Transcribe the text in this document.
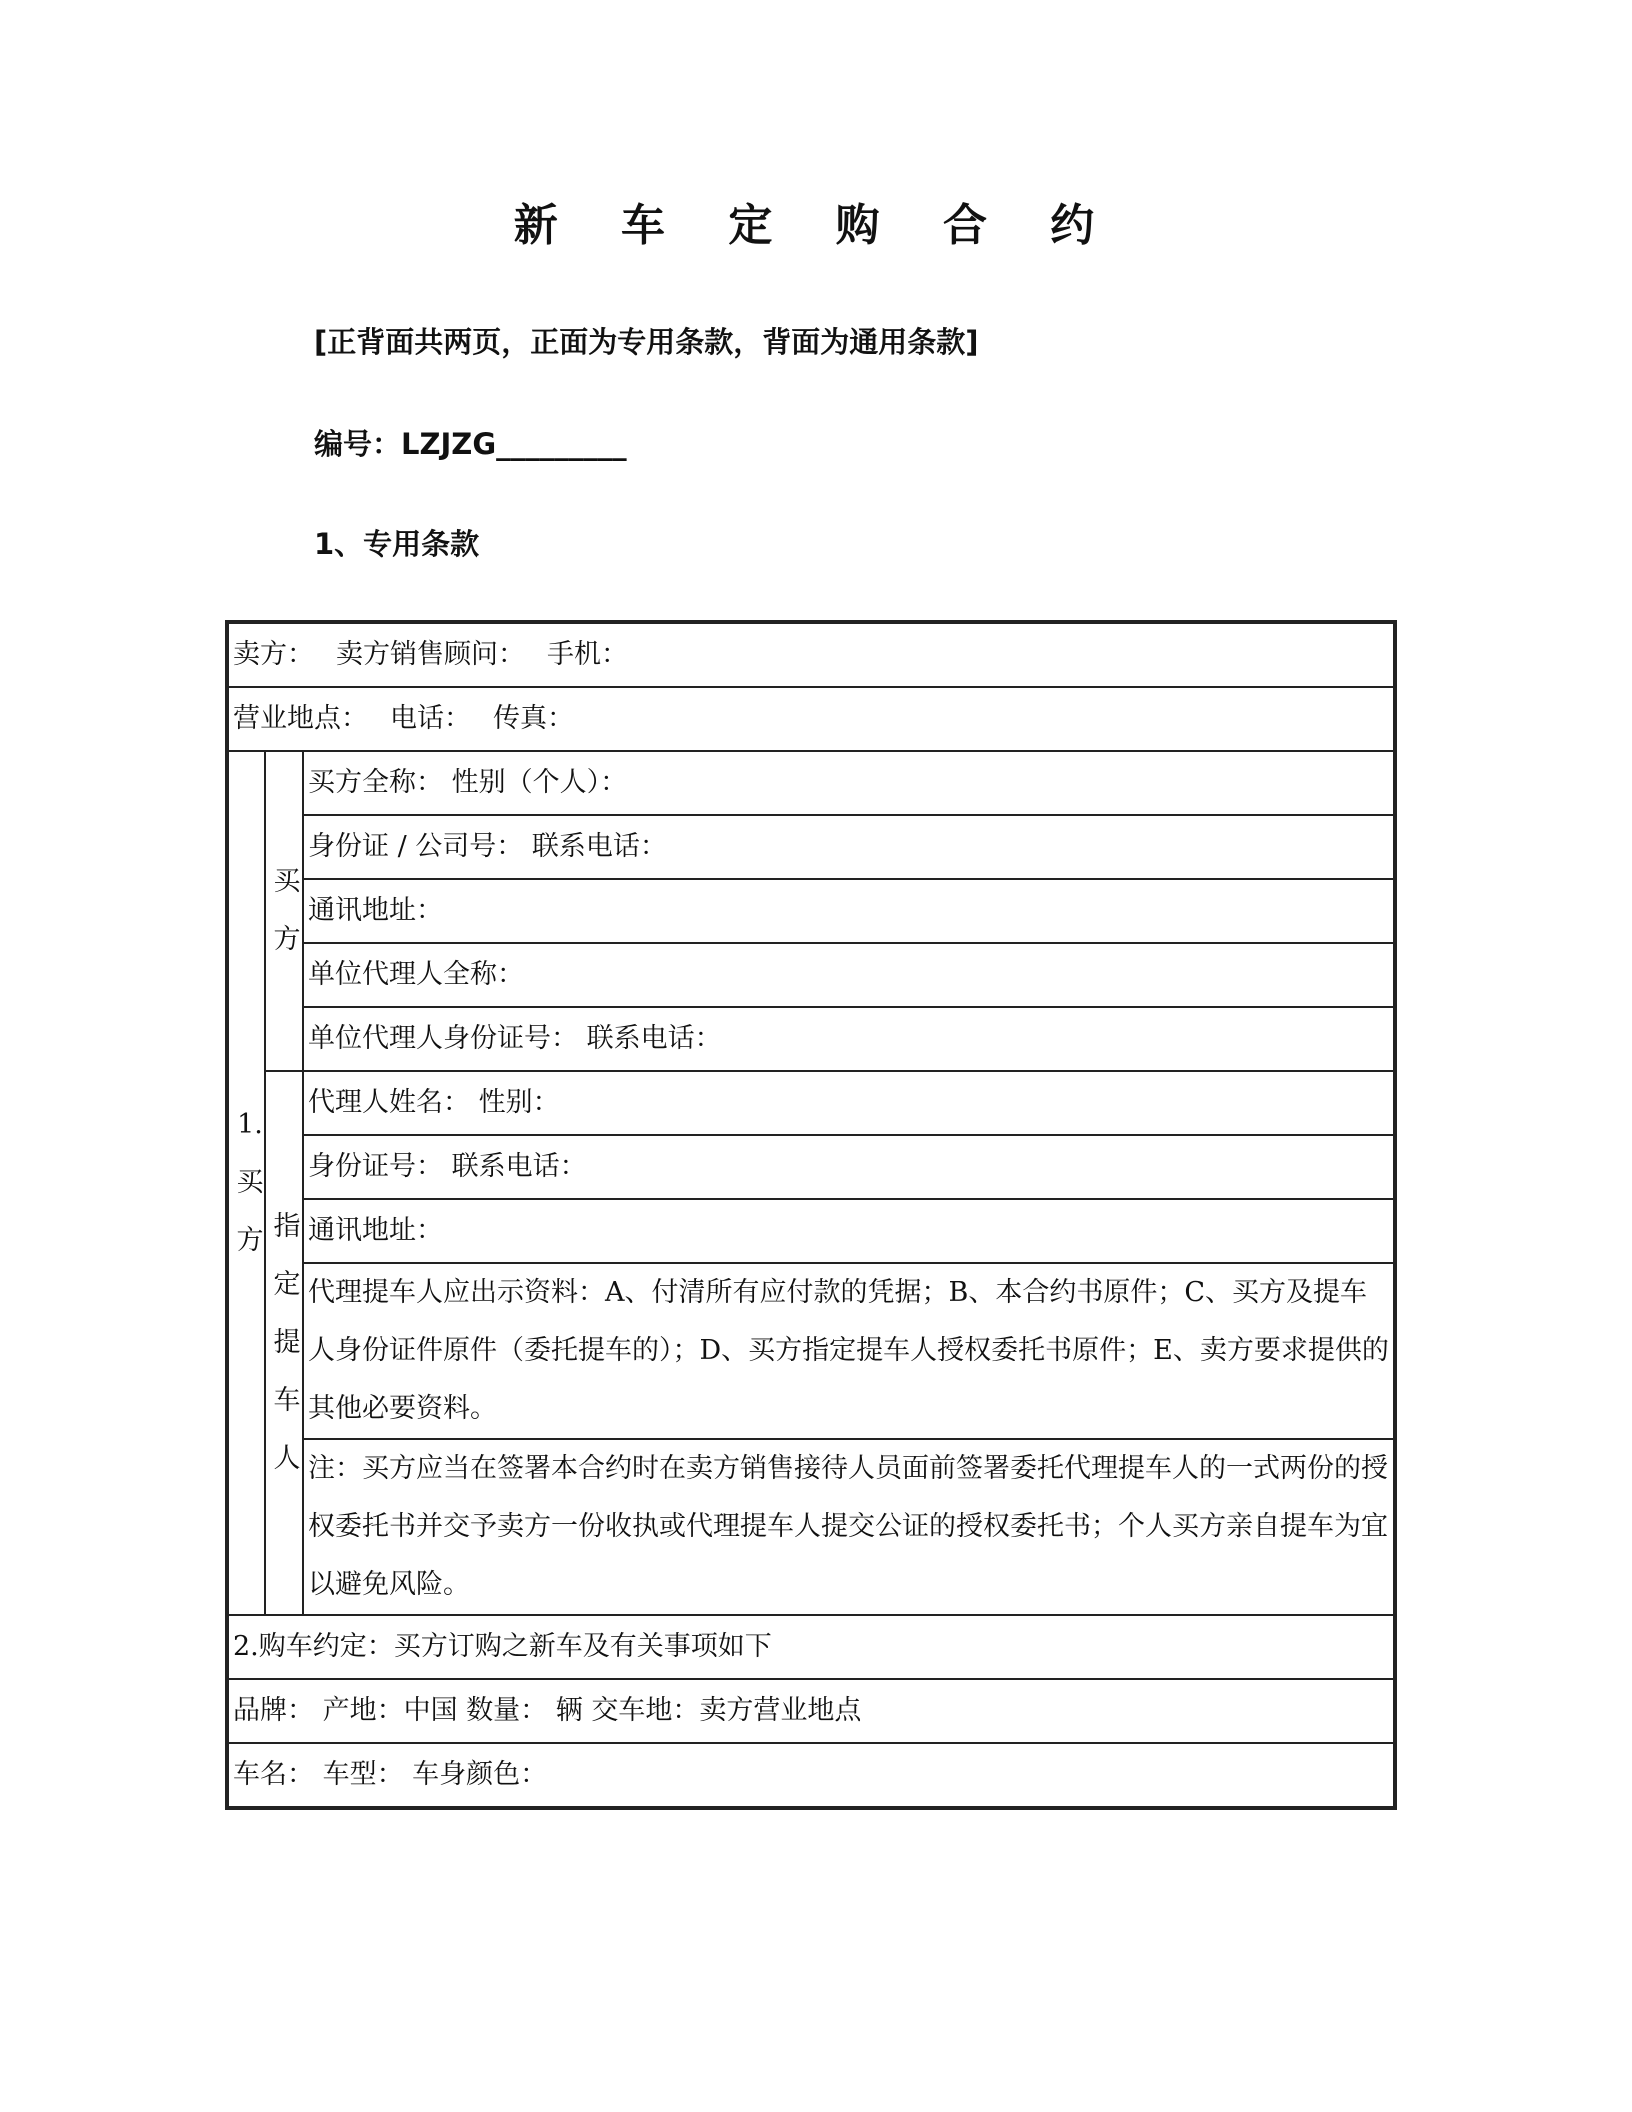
新 车 定 购 合 约
[正背面共两页，正面为专用条款，背面为通用条款]
编号：LZJZG_________
1、专用条款
卖方： 卖方销售顾问： 手机：		
营业地点： 电话： 传真：		

1.买方	买方	买方全称： 性别（个人）：
		身份证 / 公司号： 联系电话：
		通讯地址：
		单位代理人全称：
		单位代理人身份证号： 联系电话：

	指定提车人	代理人姓名： 性别：
		身份证号： 联系电话：
		通讯地址：
		代理提车人应出示资料：A、付清所有应付款的凭据；B、本合约书原件；C、买方及提车人身份证件原件（委托提车的）；D、买方指定提车人授权委托书原件；E、卖方要求提供的其他必要资料。
		注：买方应当在签署本合约时在卖方销售接待人员面前签署委托代理提车人的一式两份的授权委托书并交予卖方一份收执或代理提车人提交公证的授权委托书；个人买方亲自提车为宜以避免风险。
2.购车约定：买方订购之新车及有关事项如下		
品牌： 产地：中国 数量： 辆 交车地：卖方营业地点		
车名： 车型： 车身颜色：		
